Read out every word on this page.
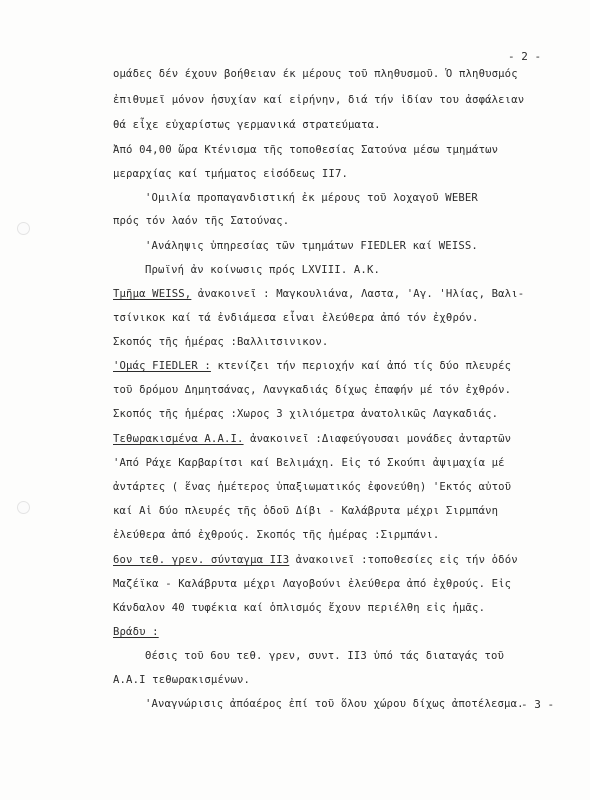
- 2 -
ομάδες δέν έχουν βοήθειαν έκ μέρους τοῦ πληθυσμοῦ. Ὁ πληθυσμός
ἐπιθυμεῖ μόνον ἡσυχίαν καί εἰρήνην, διά τήν ἰδίαν του ἀσφάλειαν
θά εἶχε εὐχαρίστως γερμανικά στρατεύματα.
Ἀπό 04,00 ὥρα Κτένισμα τῆς τοποθεσίας Σατούνα μέσω τμημάτων
μεραρχίας καί τμήματος εἰσόδεως II7.
'Ομιλία προπαγανδιστική ἐκ μέρους τοῦ λοχαγοῦ WEBER
πρός τόν λαόν τῆς Σατούνας.
'Ανάληψις ὑπηρεσίας τῶν τμημάτων FIEDLER καί WEISS.
Πρωϊνή ἀν κοίνωσις πρός LXVIII. A.K.
Τμῆμα WEISS, ἀνακοινεῖ : Μαγκουλιάνα, Λαστα, 'Αγ. 'Ηλίας, Βαλι-
τσίνικοκ καί τά ἐνδιάμεσα εἶναι ἐλεύθερα ἀπό τόν ἐχθρόν.
Σκοπός τῆς ἡμέρας :Βαλλιτσινικον.
'Ομάς FIEDLER : κτενίζει τήν περιοχήν καί ἀπό τίς δύο πλευρές
τοῦ δρόμου Δημητσάνας, Λανγκαδιάς δίχως ἐπαφήν μέ τόν ἐχθρόν.
Σκοπός τῆς ἡμέρας :Χωρος 3 χιλιόμετρα ἀνατολικῶς Λαγκαδιάς.
Τεθωρακισμένα Α.Α.Ι. ἀνακοινεῖ :Διαφεύγουσαι μονάδες ἀνταρτῶν
'Από Ράχε Καρβαρίτσι καί Βελιμάχη. Εἰς τό Σκούπι ἀψιμαχία μέ
ἀντάρτες ( ἕνας ἡμέτερος ὑπαξιωματικός ἐφονεύθη) 'Εκτός αὐτοῦ
καί Αἱ δύο πλευρές τῆς ὁδοῦ Δίβι - Καλάβρυτα μέχρι Σιρμπάνη
ἐλεύθερα ἀπό ἐχθρούς. Σκοπός τῆς ἡμέρας :Σιρμπάνι.
6ον τεθ. γρεν. σύνταγμα II3 ἀνακοινεῖ :τοποθεσίες εἰς τήν ὁδόν
Μαζέϊκα - Καλάβρυτα μέχρι Λαγοβούνι ἐλεύθερα ἀπό ἐχθρούς. Εἰς
Κάνδαλον 40 τυφέκια καί ὁπλισμός ἔχουν περιέλθη εἰς ἡμᾶς.
Βράδυ :
Θέσις τοῦ 6ου τεθ. γρεν, συντ. II3 ὑπό τάς διαταγάς τοῦ
Α.Α.Ι τεθωρακισμένων.
'Αναγνώρισις ἀπόαέρος ἐπί τοῦ ὅλου χώρου δίχως ἀποτέλεσμα.
- 3 -
